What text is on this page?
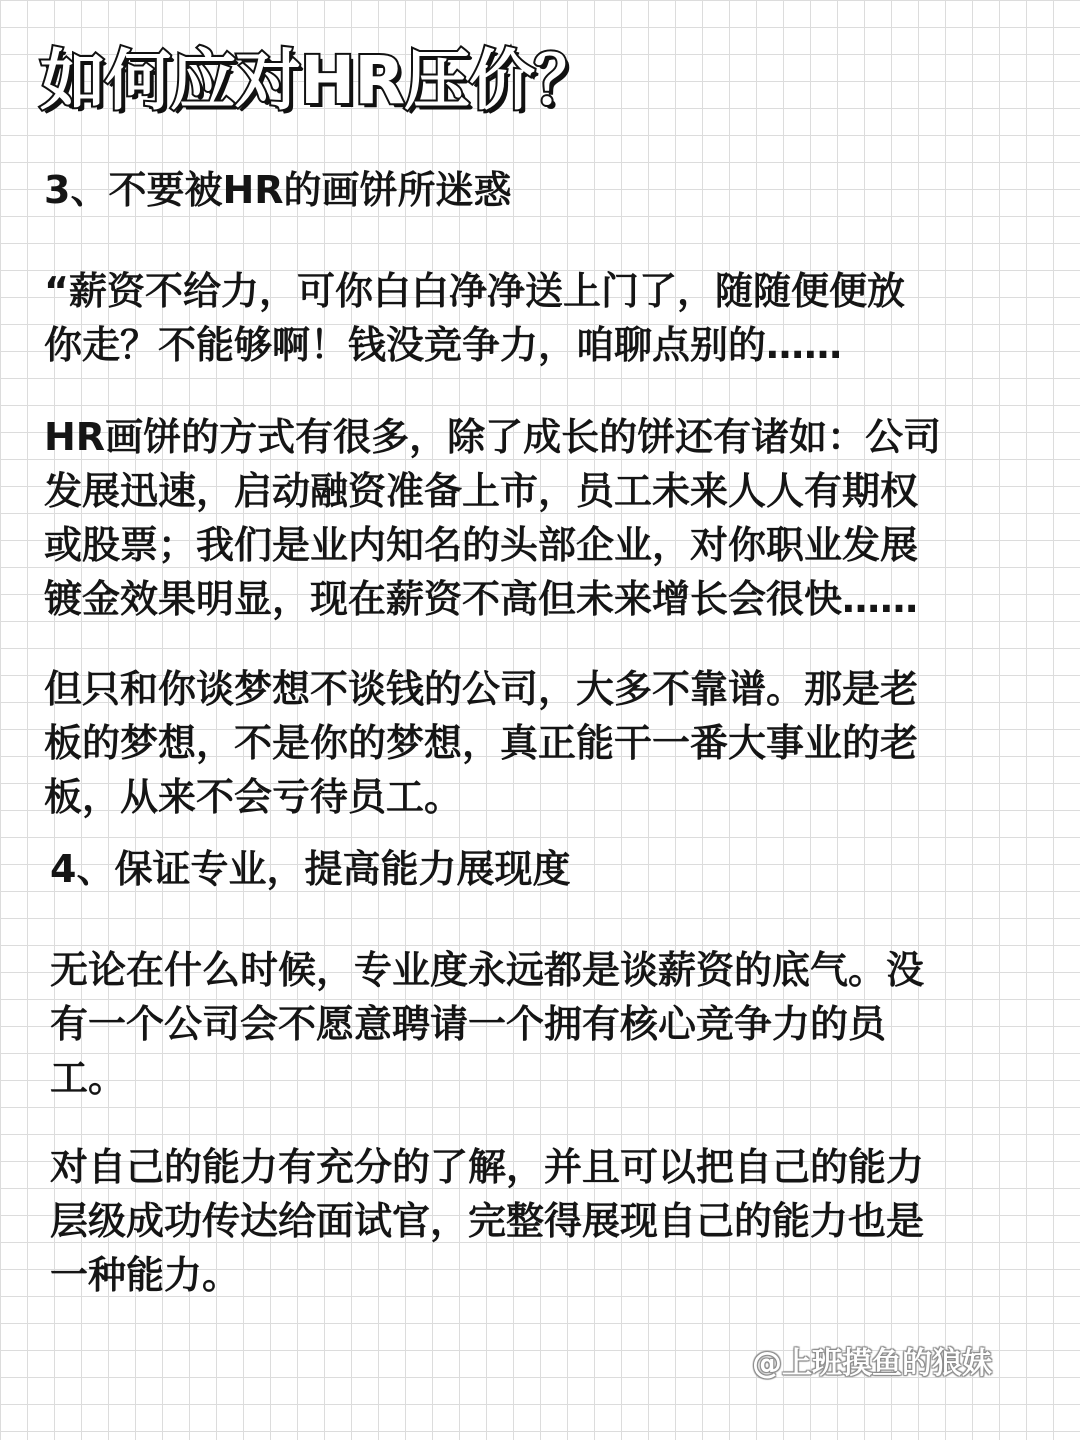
如何应对HR压价？
3、不要被HR的画饼所迷惑

“薪资不给力，可你白白净净送上门了，随随便便放
你走？不能够啊！钱没竞争力，咱聊点别的……

HR画饼的方式有很多，除了成长的饼还有诸如：公司
发展迅速，启动融资准备上市，员工未来人人有期权
或股票；我们是业内知名的头部企业，对你职业发展
镀金效果明显，现在薪资不高但未来增长会很快……

但只和你谈梦想不谈钱的公司，大多不靠谱。那是老
板的梦想，不是你的梦想，真正能干一番大事业的老
板，从来不会亏待员工。

4、保证专业，提高能力展现度

无论在什么时候，专业度永远都是谈薪资的底气。没
有一个公司会不愿意聘请一个拥有核心竞争力的员
工。

对自己的能力有充分的了解，并且可以把自己的能力
层级成功传达给面试官，完整得展现自己的能力也是
一种能力。

@上班摸鱼的狼妹
